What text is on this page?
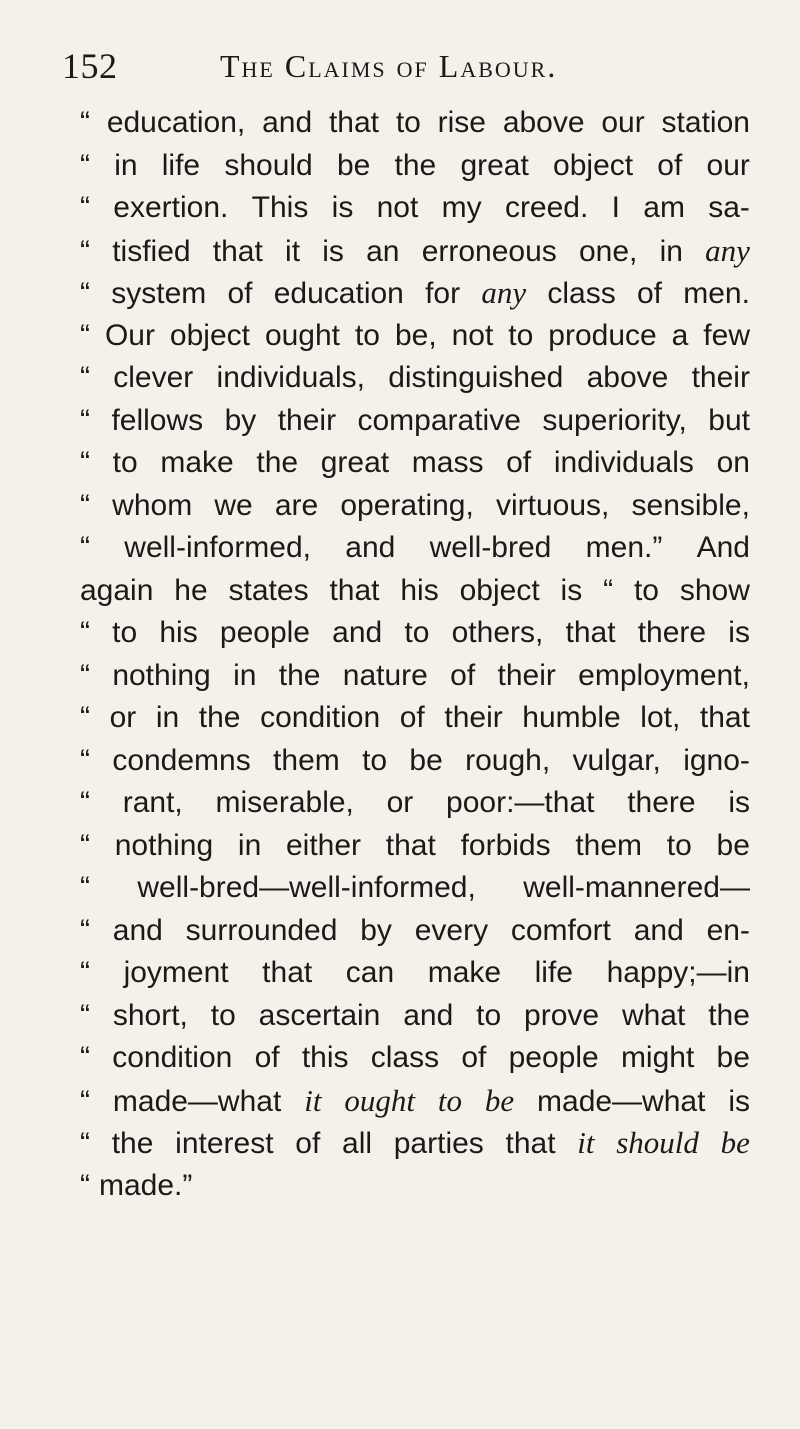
152	The Claims of Labour.
“ education, and that to rise above our station
“ in life should be the great object of our
“ exertion. This is not my creed. I am sa-
“ tisfied that it is an erroneous one, in any
“ system of education for any class of men.
“ Our object ought to be, not to produce a few
“ clever individuals, distinguished above their
“ fellows by their comparative superiority, but
“ to make the great mass of individuals on
“ whom we are operating, virtuous, sensible,
“ well-informed, and well-bred men.” And
again he states that his object is “ to show
“ to his people and to others, that there is
“ nothing in the nature of their employment,
“ or in the condition of their humble lot, that
“ condemns them to be rough, vulgar, igno-
“ rant, miserable, or poor:—that there is
“ nothing in either that forbids them to be
“ well-bred—well-informed, well-mannered—
“ and surrounded by every comfort and en-
“ joyment that can make life happy;—in
“ short, to ascertain and to prove what the
“ condition of this class of people might be
“ made—what it ought to be made—what is
“ the interest of all parties that it should be
“ made.”
